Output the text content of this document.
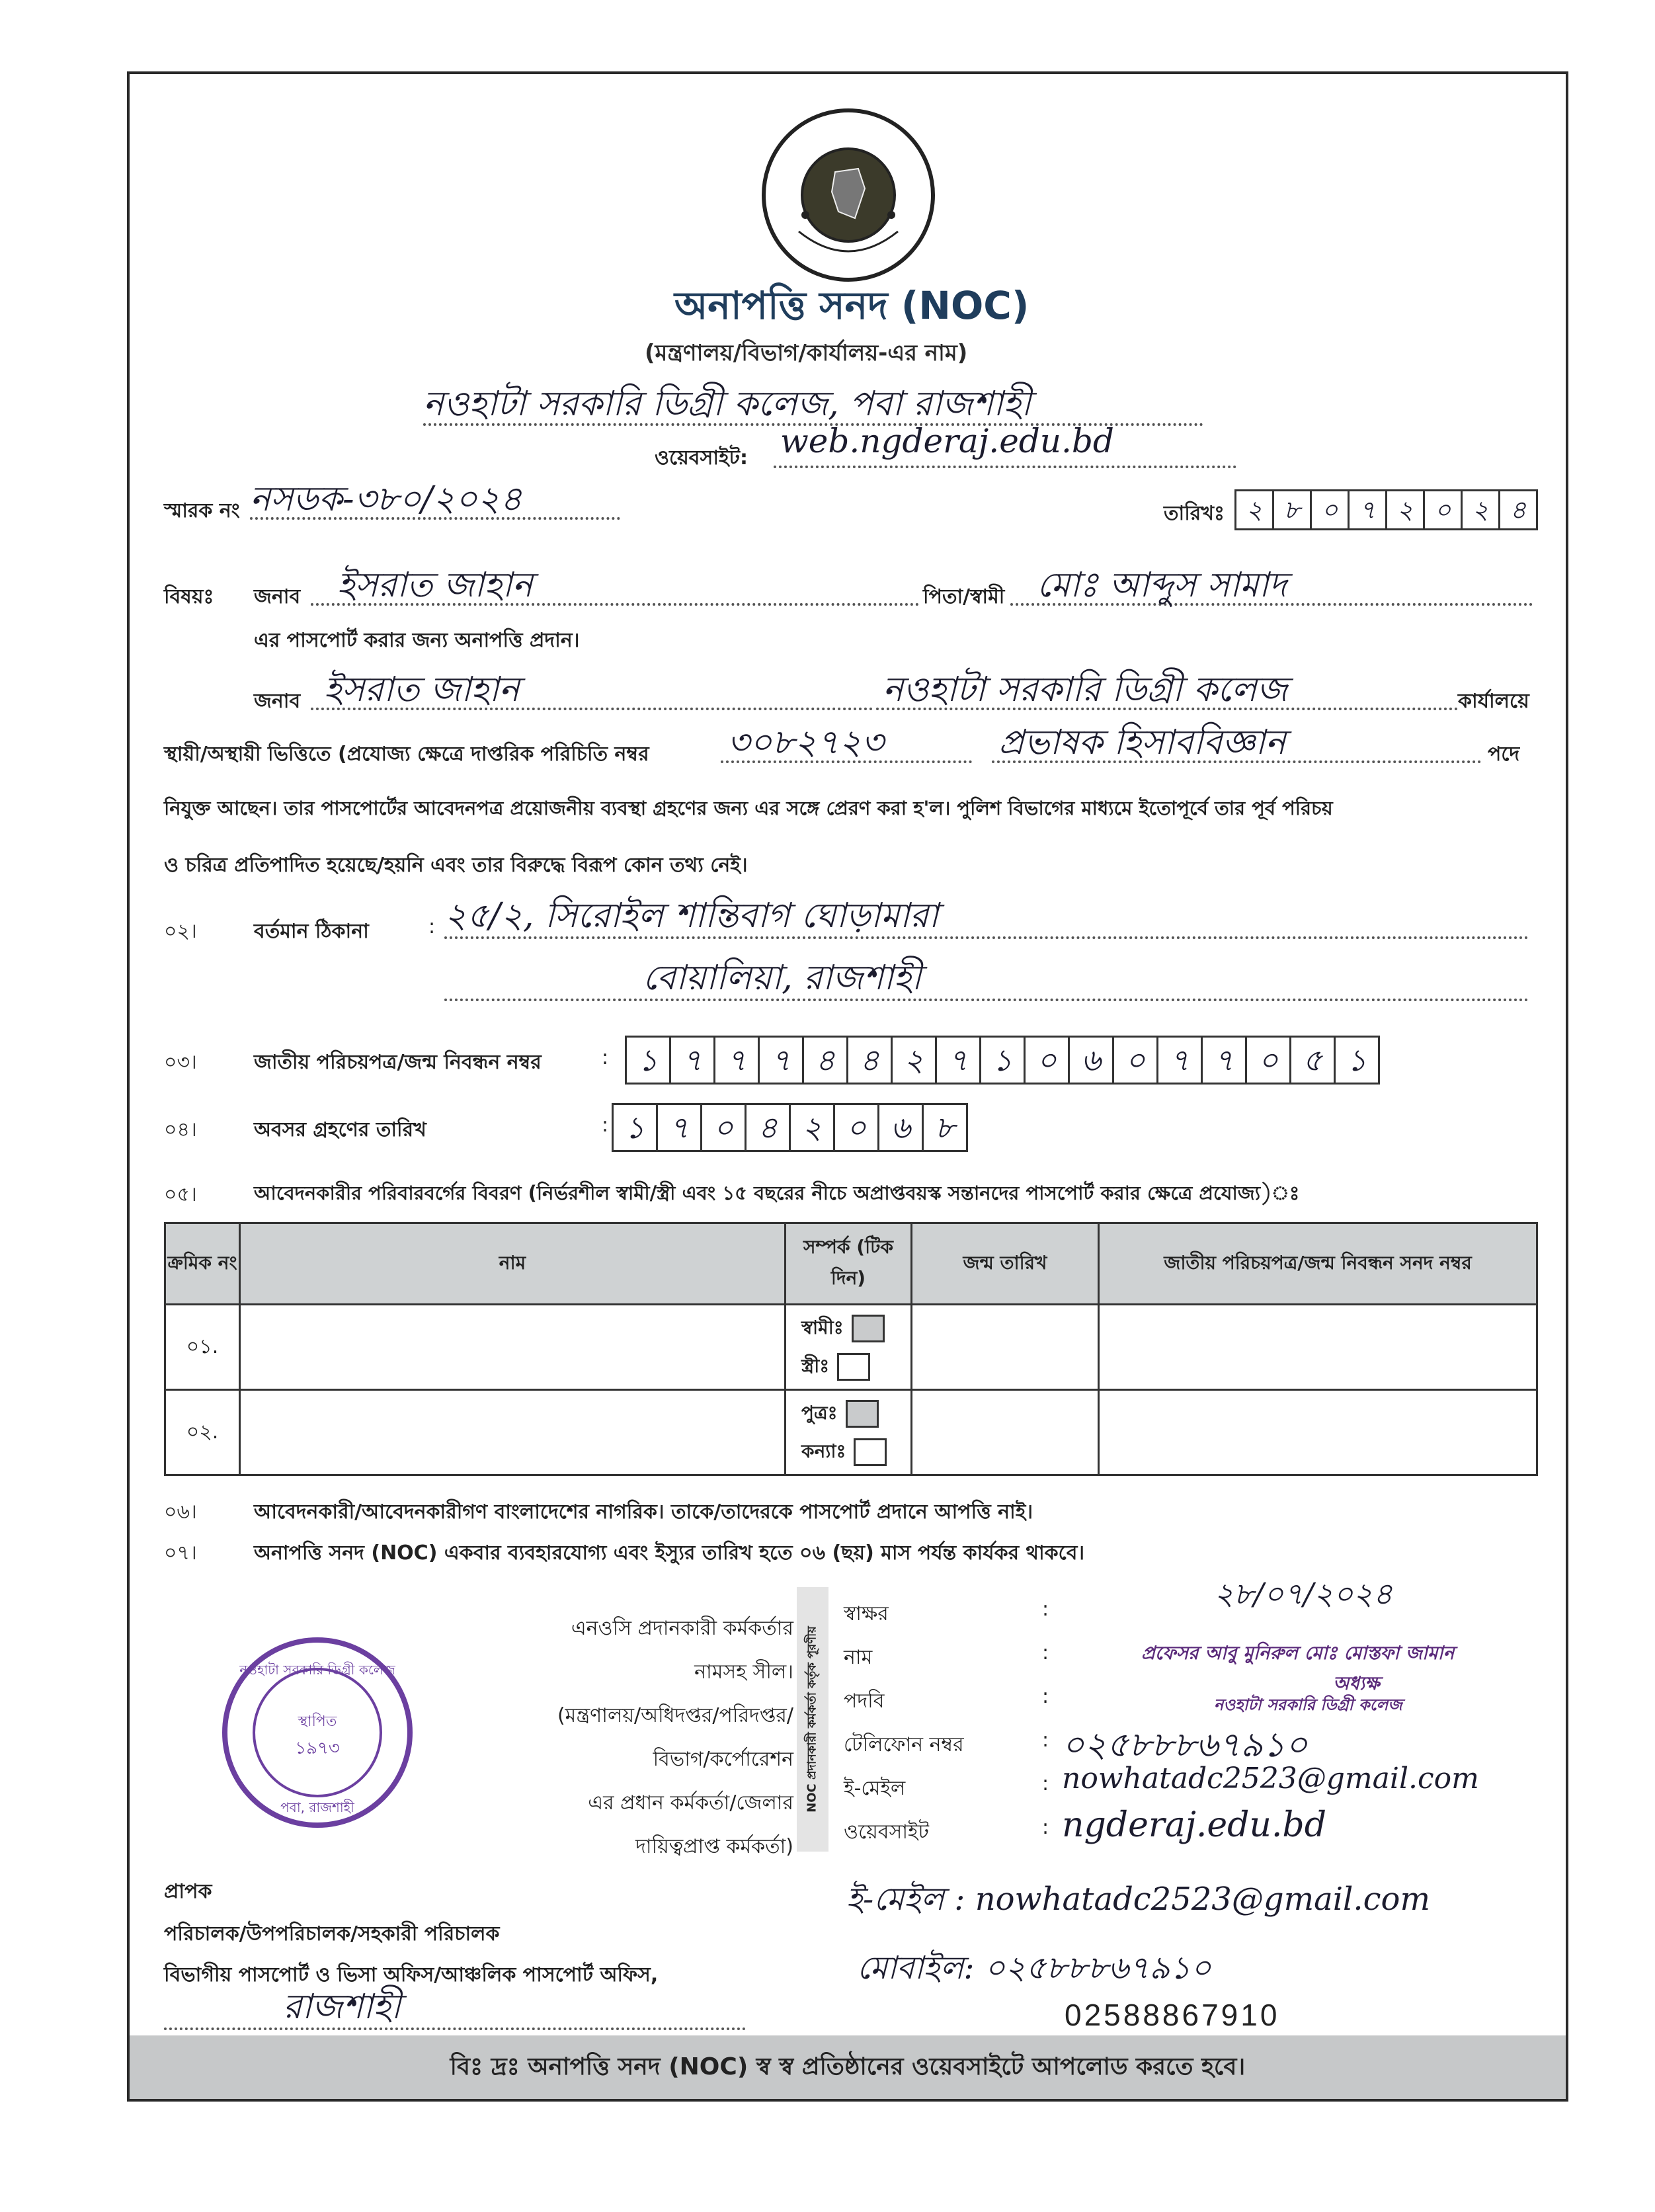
অনাপত্তি সনদ (NOC)
(মন্ত্রণালয়/বিভাগ/কার্যালয়-এর নাম)
নওহাটা সরকারি ডিগ্রী কলেজ, পবা রাজশাহী
ওয়েবসাইট: web.ngderaj.edu.bd
স্মারক নং নসডক-৩৮০/২০২৪	তারিখঃ ২ ৮ ০ ৭ ২ ০ ২ ৪
বিষয়ঃ জনাব ইসরাত জাহান	পিতা/স্বামী মোঃ আব্দুস সামাদ
এর পাসপোর্ট করার জন্য অনাপত্তি প্রদান।
জনাব ইসরাত জাহান	নওহাটা সরকারি ডিগ্রী কলেজ	কার্যালয়ে
স্থায়ী/অস্থায়ী ভিত্তিতে (প্রযোজ্য ক্ষেত্রে দাপ্তরিক পরিচিতি নম্বর ৩০৮২৭২৩	প্রভাষক হিসাববিজ্ঞান	পদে
নিযুক্ত আছেন। তার পাসপোর্টের আবেদনপত্র প্রয়োজনীয় ব্যবস্থা গ্রহণের জন্য এর সঙ্গে প্রেরণ করা হ'ল। পুলিশ বিভাগের মাধ্যমে ইতোপূর্বে তার পূর্ব পরিচয়
ও চরিত্র প্রতিপাদিত হয়েছে/হয়নি এবং তার বিরুদ্ধে বিরূপ কোন তথ্য নেই।
০২।	বর্তমান ঠিকানা	: ২৫/২, সিরোইল শান্তিবাগ ঘোড়ামারা
বোয়ালিয়া, রাজশাহী
০৩।	জাতীয় পরিচয়পত্র/জন্ম নিবন্ধন নম্বর	: ১ ৭ ৭ ৭ ৪ ৪ ২ ৭ ১ ০ ৬ ০ ৭ ৭ ০ ৫ ১
০৪।	অবসর গ্রহণের তারিখ	: ১ ৭ ০ ৪ ২ ০ ৬ ৮
০৫।	আবেদনকারীর পরিবারবর্গের বিবরণ (নির্ভরশীল স্বামী/স্ত্রী এবং ১৫ বছরের নীচে অপ্রাপ্তবয়স্ক সন্তানদের পাসপোর্ট করার ক্ষেত্রে প্রযোজ্য)ঃ
ক্রমিক নং	নাম	সম্পর্ক (টিক দিন)	জন্ম তারিখ	জাতীয় পরিচয়পত্র/জন্ম নিবন্ধন সনদ নম্বর
০১.		স্বামীঃ
স্ত্রীঃ		

০২.		পুত্রঃ
কন্যাঃ		

০৬।	আবেদনকারী/আবেদনকারীগণ বাংলাদেশের নাগরিক। তাকে/তাদেরকে পাসপোর্ট প্রদানে আপত্তি নাই।
০৭।	অনাপত্তি সনদ (NOC) একবার ব্যবহারযোগ্য এবং ইস্যুর তারিখ হতে ০৬ (ছয়) মাস পর্যন্ত কার্যকর থাকবে।
এনওসি প্রদানকারী কর্মকর্তার
নামসহ সীল।
(মন্ত্রণালয়/অধিদপ্তর/পরিদপ্তর/
বিভাগ/কর্পোরেশন
এর প্রধান কর্মকর্তা/জেলার
দায়িত্বপ্রাপ্ত কর্মকর্তা)
NOC প্রদানকারী কর্মকর্তা কর্তৃক পূরণীয়
স্বাক্ষর	:	২৮/০৭/২০২৪
নাম	:	প্রফেসর আবু মুনিরুল মোঃ মোস্তফা জামান
পদবি	:
অধ্যক্ষ
নওহাটা সরকারি ডিগ্রী কলেজ
টেলিফোন নম্বর	: ০২৫৮৮৮৬৭৯১০
ই-মেইল	: nowhatadc2523@gmail.com
ওয়েবসাইট	: ngderaj.edu.bd
নওহাটা সরকারি ডিগ্রী কলেজ
স্থাপিত
১৯৭৩
পবা, রাজশাহী
প্রাপক
পরিচালক/উপপরিচালক/সহকারী পরিচালক
বিভাগীয় পাসপোর্ট ও ভিসা অফিস/আঞ্চলিক পাসপোর্ট অফিস,
রাজশাহী
ই-মেইল : nowhatadc2523@gmail.com
মোবাইল: ০২৫৮৮৮৬৭৯১০
02588867910
বিঃ দ্রঃ অনাপত্তি সনদ (NOC) স্ব স্ব প্রতিষ্ঠানের ওয়েবসাইটে আপলোড করতে হবে।
